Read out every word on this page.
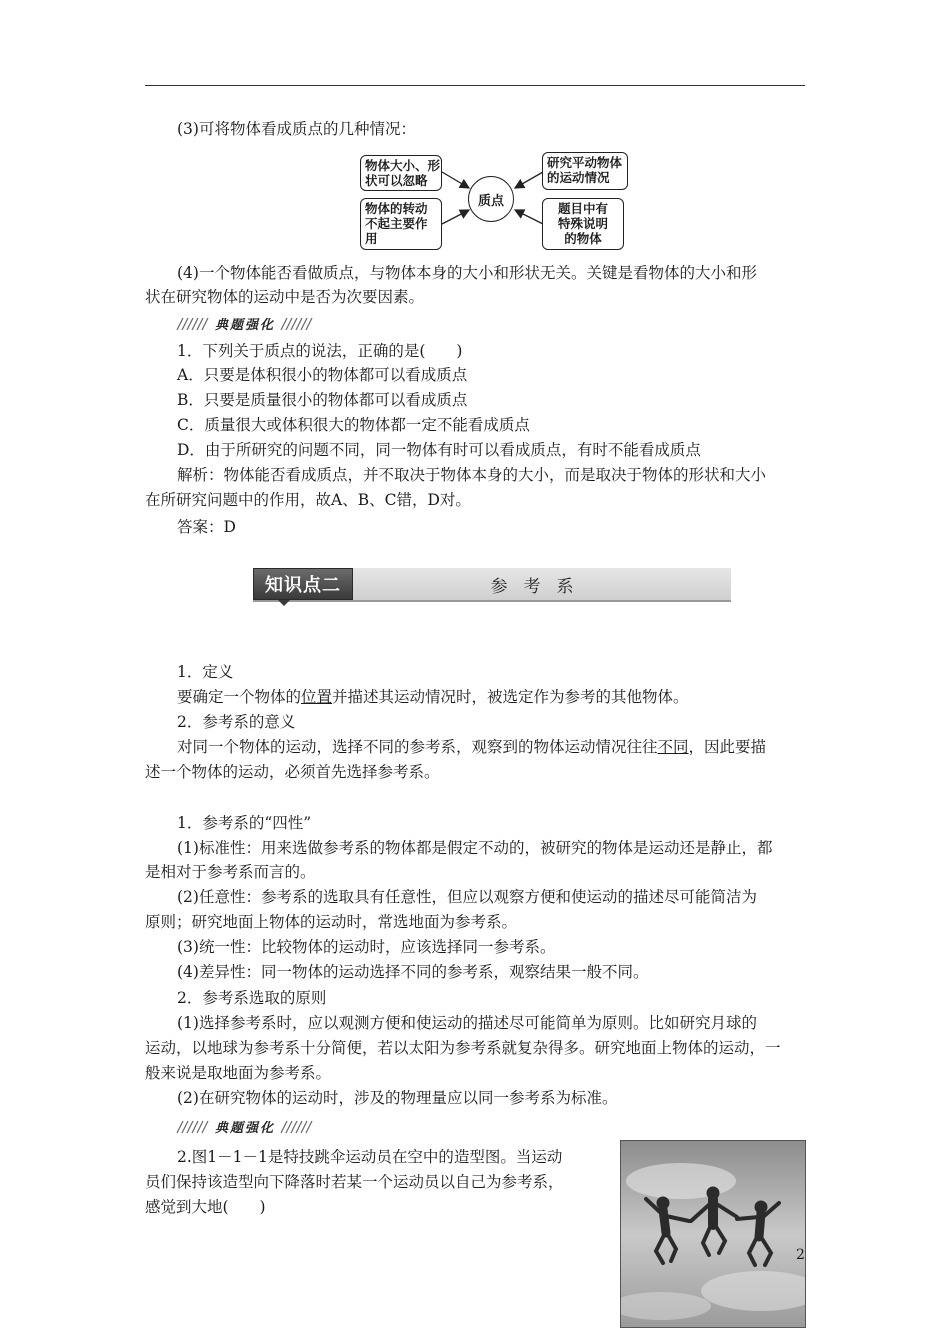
(3)可将物体看成质点的几种情况：
物体大小、形
状可以忽略
物体的转动
不起主要作
用
质点
研究平动物体
的运动情况
题目中有
特殊说明
的物体
(4)一个物体能否看做质点，与物体本身的大小和形状无关。关键是看物体的大小和形
状在研究物体的运动中是否为次要因素。
典题强化
1．下列关于质点的说法，正确的是(　　)
A．只要是体积很小的物体都可以看成质点
B．只要是质量很小的物体都可以看成质点
C．质量很大或体积很大的物体都一定不能看成质点
D．由于所研究的问题不同，同一物体有时可以看成质点，有时不能看成质点
解析：物体能否看成质点，并不取决于物体本身的大小，而是取决于物体的形状和大小
在所研究问题中的作用，故A、B、C错，D对。
答案：D
知识点二	参考系
1．定义
要确定一个物体的位置并描述其运动情况时，被选定作为参考的其他物体。
2．参考系的意义
对同一个物体的运动，选择不同的参考系，观察到的物体运动情况往往不同，因此要描
述一个物体的运动，必须首先选择参考系。
1．参考系的“四性”
(1)标准性：用来选做参考系的物体都是假定不动的，被研究的物体是运动还是静止，都
是相对于参考系而言的。
(2)任意性：参考系的选取具有任意性，但应以观察方便和使运动的描述尽可能简洁为
原则；研究地面上物体的运动时，常选地面为参考系。
(3)统一性：比较物体的运动时，应该选择同一参考系。
(4)差异性：同一物体的运动选择不同的参考系，观察结果一般不同。
2．参考系选取的原则
(1)选择参考系时，应以观测方便和使运动的描述尽可能简单为原则。比如研究月球的
运动，以地球为参考系十分简便，若以太阳为参考系就复杂得多。研究地面上物体的运动，一
般来说是取地面为参考系。
(2)在研究物体的运动时，涉及的物理量应以同一参考系为标准。
典题强化
2.图1－1－1是特技跳伞运动员在空中的造型图。当运动
员们保持该造型向下降落时若某一个运动员以自己为参考系，
感觉到大地(　　)
2
